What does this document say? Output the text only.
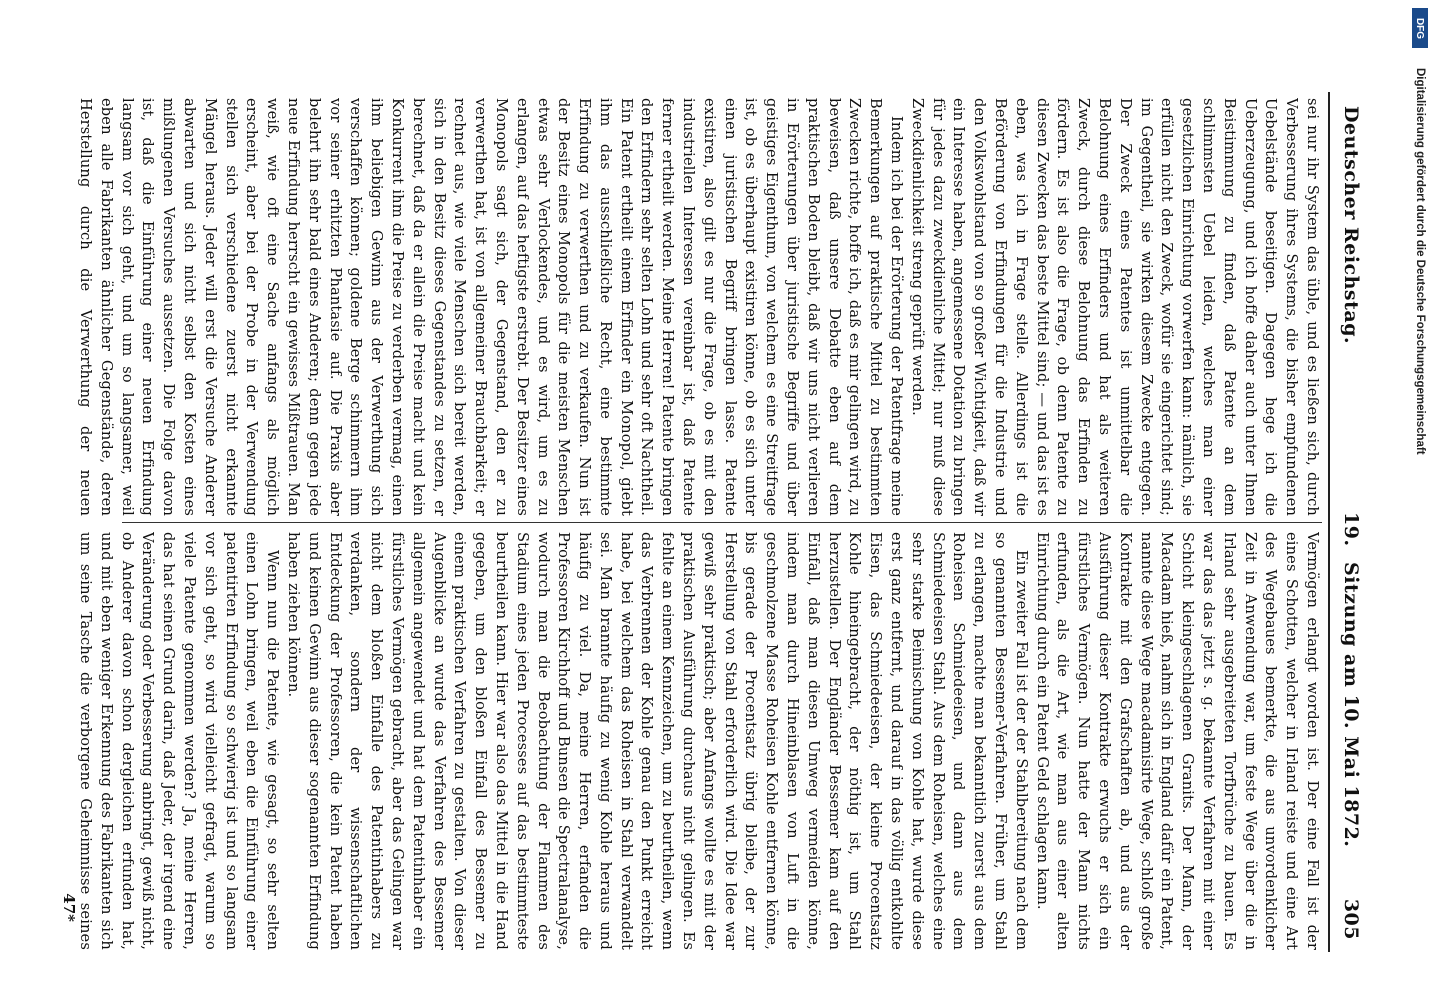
Deutscher Reichstag.
19.
Sitzung am 10. Mai 1872.
305

sei nur ihr System das üble, und es ließen sich, durch Verbesserung ihres Systems, die bisher empfundenen Uebelstände beseitigen. Dagegen hege ich die Ueberzeugung, und ich hoffe daher auch unter Ihnen Beistimmung zu finden, daß Patente an dem schlimmsten Uebel leiden, welches man einer gesetzlichen Einrichtung vorwerfen kann: nämlich, sie erfüllen nicht den Zweck, wofür sie eingerichtet sind; im Gegentheil, sie wirken diesem Zwecke entgegen. Der Zweck eines Patentes ist unmittelbar die Belohnung eines Erfinders und hat als weiteren Zweck, durch diese Belohnung das Erfinden zu fördern. Es ist also die Frage, ob denn Patente zu diesen Zwecken das beste Mittel sind; — und das ist es eben, was ich in Frage stelle. Allerdings ist die Beförderung von Erfindungen für die Industrie und den Volkswohlstand von so großer Wichtigkeit, daß wir ein Interesse haben, angemessene Dotation zu bringen für jedes dazu zweckdienliche Mittel; nur muß diese Zweckdienlichkeit streng geprüft werden.

Indem ich bei der Erörterung der Patentfrage meine Bemerkungen auf praktische Mittel zu bestimmten Zwecken richte, hoffe ich, daß es mir gelingen wird, zu beweisen, daß unsere Debatte eben auf dem praktischen Boden bleibt, daß wir uns nicht verlieren in Erörterungen über juristische Begriffe und über geistiges Eigenthum, von welchem es eine Streitfrage ist, ob es überhaupt existiren könne, ob es sich unter einen juristischen Begriff bringen lasse. Patente existiren, also gilt es nur die Frage, ob es mit den industriellen Interessen vereinbar ist, daß Patente ferner ertheilt werden. Meine Herren! Patente bringen den Erfindern sehr selten Lohn und sehr oft Nachtheil. Ein Patent ertheilt einem Erfinder ein Monopol, giebt ihm das ausschließliche Recht, eine bestimmte Erfindung zu verwerthen und zu verkaufen. Nun ist der Besitz eines Monopols für die meisten Menschen etwas sehr Verlockendes, und es wird, um es zu erlangen, auf das heftigste erstrebt. Der Besitzer eines Monopols sagt sich, der Gegenstand, den er zu verwerthen hat, ist von allgemeiner Brauchbarkeit; er rechnet aus, wie viele Menschen sich bereit werden, sich in den Besitz dieses Gegenstandes zu setzen, er berechnet, daß da er allein die Preise macht und kein Konkurrent ihm die Preise zu verderben vermag, einen ihm beliebigen Gewinn aus der Verwerthung sich verschaffen können; goldene Berge schimmern ihm vor seiner erhitzten Phantasie auf. Die Praxis aber belehrt ihn sehr bald eines Anderen; denn gegen jede neue Erfindung herrscht ein gewisses Mißtrauen. Man weiß, wie oft eine Sache anfangs als möglich erscheint, aber bei der Probe in der Verwendung stellen sich verschiedene zuerst nicht erkannte Mängel heraus. Jeder will erst die Versuche Anderer abwarten und sich nicht selbst den Kosten eines mißlungenen Versuches aussetzen. Die Folge davon ist, daß die Einführung einer neuen Erfindung langsam vor sich geht, und um so langsamer, weil eben alle Fabrikanten ähnlicher Gegenstände, deren Herstellung durch die Verwerthung der neuen

Vermögen erlangt worden ist. Der eine Fall ist der eines Schotten, welcher in Irland reiste und eine Art des Wegebaues bemerkte, die aus unvordenklicher Zeit in Anwendung war, um feste Wege über die in Irland sehr ausgebreiteten Torfbrüche zu bauen. Es war das das jetzt s. g. bekannte Verfahren mit einer Schicht kleingeschlagenen Granits. Der Mann, der Macadam hieß, nahm sich in England dafür ein Patent, nannte diese Wege macadamisirte Wege, schloß große Kontrakte mit den Grafschaften ab, und aus der Ausführung dieser Kontrakte erwuchs er sich ein fürstliches Vermögen. Nun hatte der Mann nichts erfunden, als die Art, wie man aus einer alten Einrichtung durch ein Patent Geld schlagen kann.

Ein zweiter Fall ist der der Stahlbereitung nach dem so genannten Bessemer-Verfahren. Früher, um Stahl zu erlangen, machte man bekanntlich zuerst aus dem Roheisen Schmiedeeisen, und dann aus dem Schmiedeeisen Stahl. Aus dem Roheisen, welches eine sehr starke Beimischung von Kohle hat, wurde diese erst ganz entfernt, und darauf in das völlig entkohlte Eisen, das Schmiedeeisen, der kleine Procentsatz Kohle hineingebracht, der nöthig ist, um Stahl herzustellen. Der Engländer Bessemer kam auf den Einfall, daß man diesen Umweg vermeiden könne, indem man durch Hineinblasen von Luft in die geschmolzene Masse Roheisen Kohle entfernen könne, bis gerade der Procentsatz übrig bleibe, der zur Herstellung von Stahl erforderlich wird. Die Idee war gewiß sehr praktisch; aber Anfangs wollte es mit der praktischen Ausführung durchaus nicht gelingen. Es fehlte an einem Kennzeichen, um zu beurtheilen, wenn das Verbrennen der Kohle genau den Punkt erreicht habe, bei welchem das Roheisen in Stahl verwandelt sei. Man brannte häufig zu wenig Kohle heraus und häufig zu viel. Da, meine Herren, erfanden die Professoren Kirchhoff und Bunsen die Spectralanalyse, wodurch man die Beobachtung der Flammen des Stadium eines jeden Processes auf das bestimmteste beurtheilen kann. Hier war also das Mittel in die Hand gegeben, um den bloßen Einfall des Bessemer zu einem praktischen Verfahren zu gestalten. Von dieser Augenblicke an wurde das Verfahren des Bessemer allgemein angewendet und hat dem Patentinhaber ein fürstliches Vermögen gebracht, aber das Gelingen war nicht dem bloßen Einfalle des Patentinhabers zu verdanken, sondern der wissenschaftlichen Entdeckung der Professoren, die kein Patent haben und keinen Gewinn aus dieser sogenannten Erfindung haben ziehen können.

Wenn nun die Patente, wie gesagt, so sehr selten einen Lohn bringen, weil eben die Einführung einer patentirten Erfindung so schwierig ist und so langsam vor sich geht, so wird vielleicht gefragt, warum so viele Patente genommen werden? Ja, meine Herren, das hat seinen Grund darin, daß Jeder, der irgend eine Veränderung oder Verbesserung anbringt, gewiß nicht, ob Anderer davon schon dergleichen erfunden hat, und mit eben weniger Erkennung des Fabrikanten sich um seine Tasche die verborgene Geheimnisse seines

47*
Digitalisierung gefördert durch die Deutsche Forschungsgemeinschaft
DFG
